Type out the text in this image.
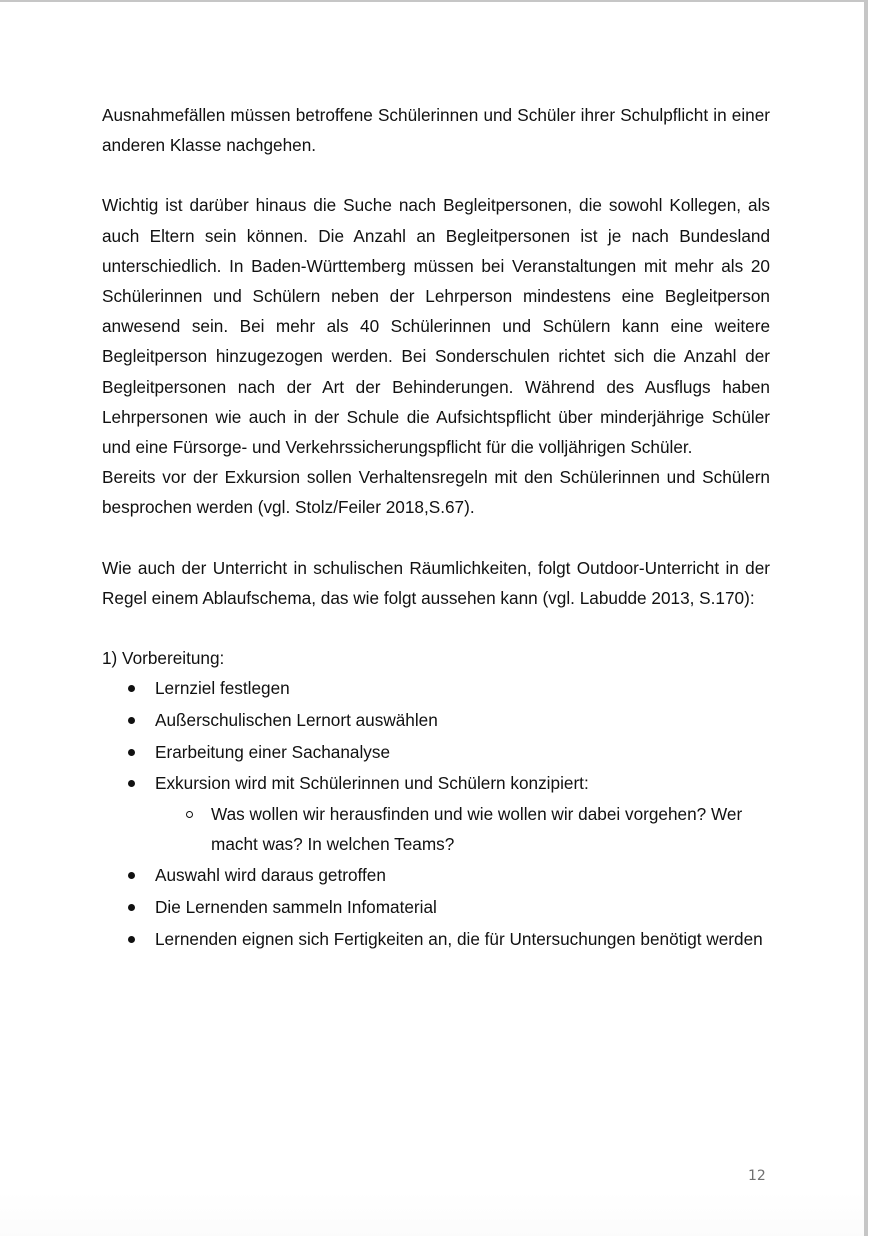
Ausnahmefällen müssen betroffene Schülerinnen und Schüler ihrer Schulpflicht in einer anderen Klasse nachgehen.

Wichtig ist darüber hinaus die Suche nach Begleitpersonen, die sowohl Kollegen, als auch Eltern sein können. Die Anzahl an Begleitpersonen ist je nach Bundesland unterschiedlich. In Baden-Württemberg müssen bei Veranstaltungen mit mehr als 20 Schülerinnen und Schülern neben der Lehrperson mindestens eine Begleitperson anwesend sein. Bei mehr als 40 Schülerinnen und Schülern kann eine weitere Begleitperson hinzugezogen werden. Bei Sonderschulen richtet sich die Anzahl der Begleitpersonen nach der Art der Behinderungen. Während des Ausflugs haben Lehrpersonen wie auch in der Schule die Aufsichtspflicht über minderjährige Schüler und eine Fürsorge- und Verkehrssicherungspflicht für die volljährigen Schüler.

Bereits vor der Exkursion sollen Verhaltensregeln mit den Schülerinnen und Schülern besprochen werden (vgl. Stolz/Feiler 2018,S.67).

Wie auch der Unterricht in schulischen Räumlichkeiten, folgt Outdoor-Unterricht in der Regel einem Ablaufschema, das wie folgt aussehen kann (vgl. Labudde 2013, S.170):

1) Vorbereitung:

Lernziel festlegen
Außerschulischen Lernort auswählen
Erarbeitung einer Sachanalyse
Exkursion wird mit Schülerinnen und Schülern konzipiert:
Was wollen wir herausfinden und wie wollen wir dabei vorgehen? Wer macht was? In welchen Teams?
Auswahl wird daraus getroffen
Die Lernenden sammeln Infomaterial
Lernenden eignen sich Fertigkeiten an, die für Untersuchungen benötigt werden
12
